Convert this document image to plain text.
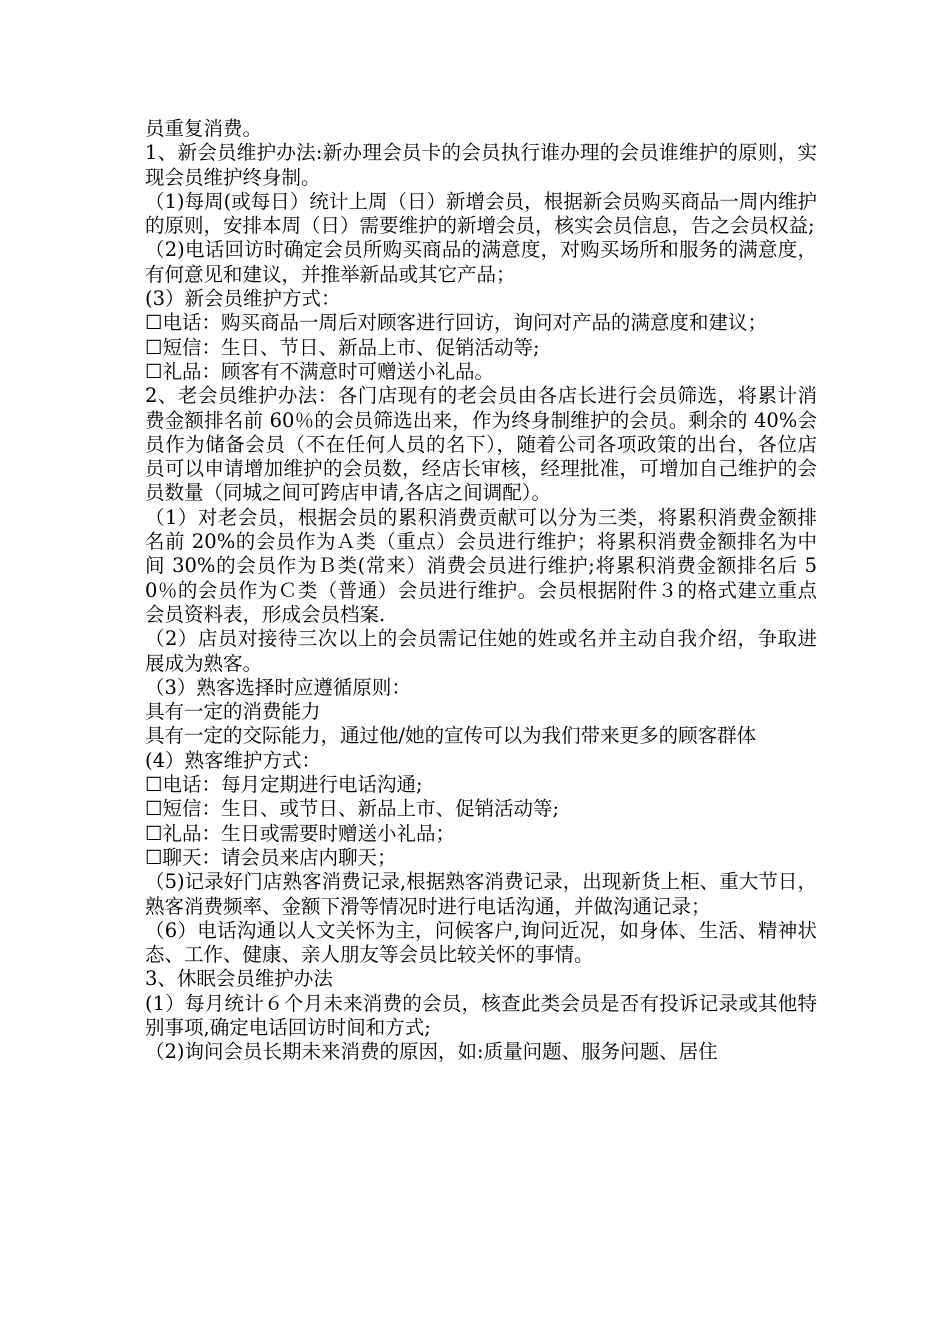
员重复消费。

1、新会员维护办法:新办理会员卡的会员执行谁办理的会员谁维护的原则，实现会员维护终身制。

（1)每周(或每日）统计上周（日）新增会员，根据新会员购买商品一周内维护的原则，安排本周（日）需要维护的新增会员，核实会员信息，告之会员权益;

（2)电话回访时确定会员所购买商品的满意度，对购买场所和服务的满意度，有何意见和建议，并推举新品或其它产品；

(3）新会员维护方式：

☐电话：购买商品一周后对顾客进行回访，询问对产品的满意度和建议；

☐短信：生日、节日、新品上市、促销活动等;

☐礼品：顾客有不满意时可赠送小礼品。

2、老会员维护办法：各门店现有的老会员由各店长进行会员筛选，将累计消费金额排名前 60％的会员筛选出来，作为终身制维护的会员。剩余的 40%会员作为储备会员（不在任何人员的名下），随着公司各项政策的出台，各位店员可以申请增加维护的会员数，经店长审核，经理批准，可增加自己维护的会员数量（同城之间可跨店申请,各店之间调配）。

（1）对老会员，根据会员的累积消费贡献可以分为三类，将累积消费金额排名前 20%的会员作为Ａ类（重点）会员进行维护；将累积消费金额排名为中间 30%的会员作为Ｂ类(常来）消费会员进行维护;将累积消费金额排名后 50％的会员作为Ｃ类（普通）会员进行维护。会员根据附件３的格式建立重点会员资料表，形成会员档案.

（2）店员对接待三次以上的会员需记住她的姓或名并主动自我介绍，争取进展成为熟客。

（3）熟客选择时应遵循原则：

具有一定的消费能力

具有一定的交际能力，通过他/她的宣传可以为我们带来更多的顾客群体

(4）熟客维护方式：

☐电话：每月定期进行电话沟通;

☐短信：生日、或节日、新品上市、促销活动等;

☐礼品：生日或需要时赠送小礼品；

☐聊天：请会员来店内聊天；

（5)记录好门店熟客消费记录,根据熟客消费记录，出现新货上柜、重大节日，熟客消费频率、金额下滑等情况时进行电话沟通，并做沟通记录；

（6）电话沟通以人文关怀为主，问候客户,询问近况，如身体、生活、精神状态、工作、健康、亲人朋友等会员比较关怀的事情。

3、休眠会员维护办法

(1）每月统计６个月未来消费的会员，核查此类会员是否有投诉记录或其他特别事项,确定电话回访时间和方式;

（2)询问会员长期未来消费的原因，如:质量问题、服务问题、居住
